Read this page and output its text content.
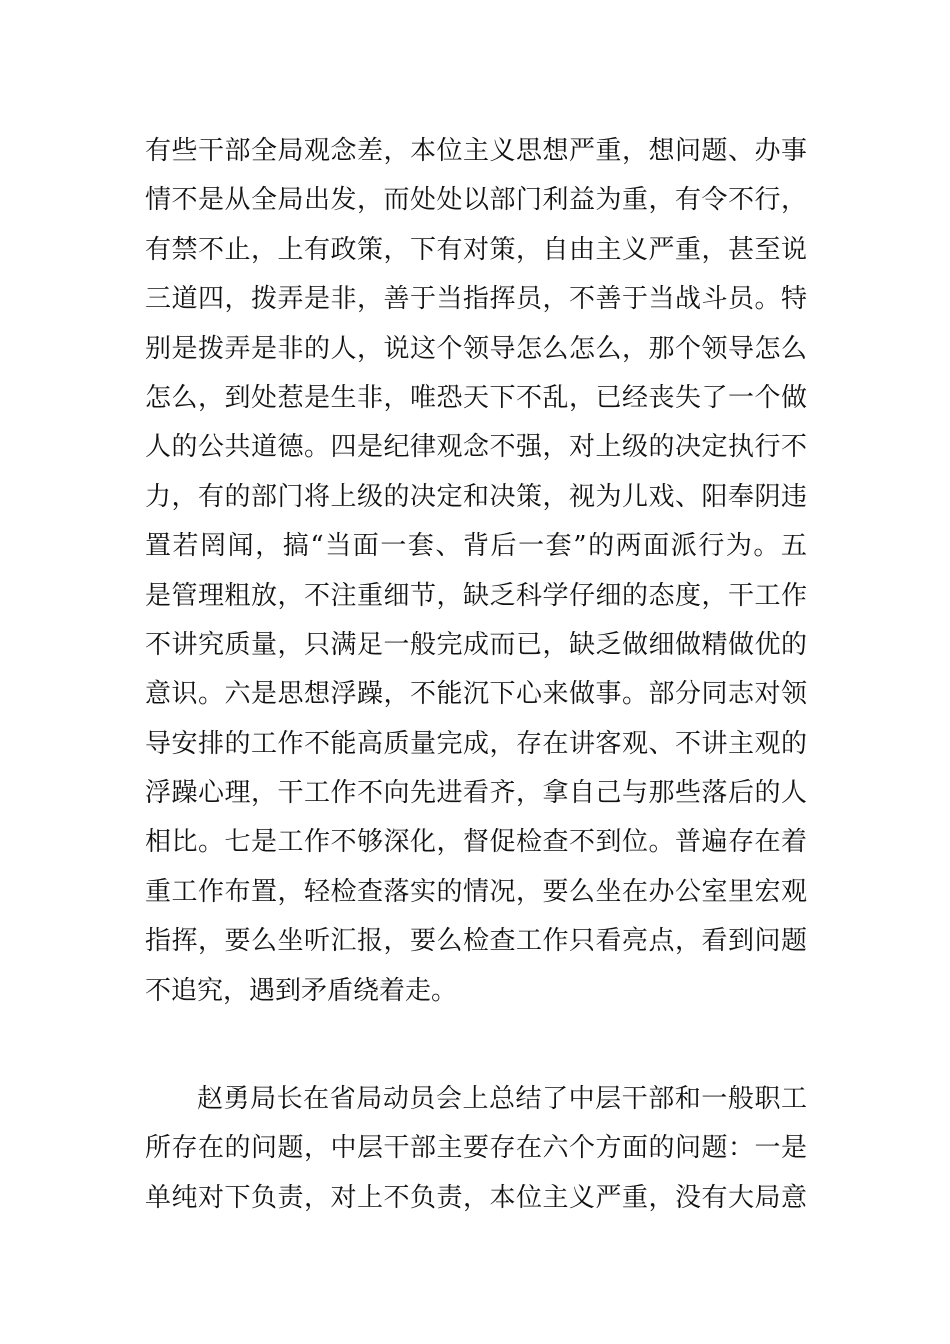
有些干部全局观念差，本位主义思想严重，想问题、办事
情不是从全局出发，而处处以部门利益为重，有令不行，
有禁不止，上有政策，下有对策，自由主义严重，甚至说
三道四，拨弄是非，善于当指挥员，不善于当战斗员。特
别是拨弄是非的人，说这个领导怎么怎么，那个领导怎么
怎么，到处惹是生非，唯恐天下不乱，已经丧失了一个做
人的公共道德。四是纪律观念不强，对上级的决定执行不
力，有的部门将上级的决定和决策，视为儿戏、阳奉阴违
置若罔闻，搞“当面一套、背后一套”的两面派行为。五
是管理粗放，不注重细节，缺乏科学仔细的态度，干工作
不讲究质量，只满足一般完成而已，缺乏做细做精做优的
意识。六是思想浮躁，不能沉下心来做事。部分同志对领
导安排的工作不能高质量完成，存在讲客观、不讲主观的
浮躁心理，干工作不向先进看齐，拿自己与那些落后的人
相比。七是工作不够深化，督促检查不到位。普遍存在着
重工作布置，轻检查落实的情况，要么坐在办公室里宏观
指挥，要么坐听汇报，要么检查工作只看亮点，看到问题
不追究，遇到矛盾绕着走。
赵勇局长在省局动员会上总结了中层干部和一般职工
所存在的问题，中层干部主要存在六个方面的问题：一是
单纯对下负责，对上不负责，本位主义严重，没有大局意
